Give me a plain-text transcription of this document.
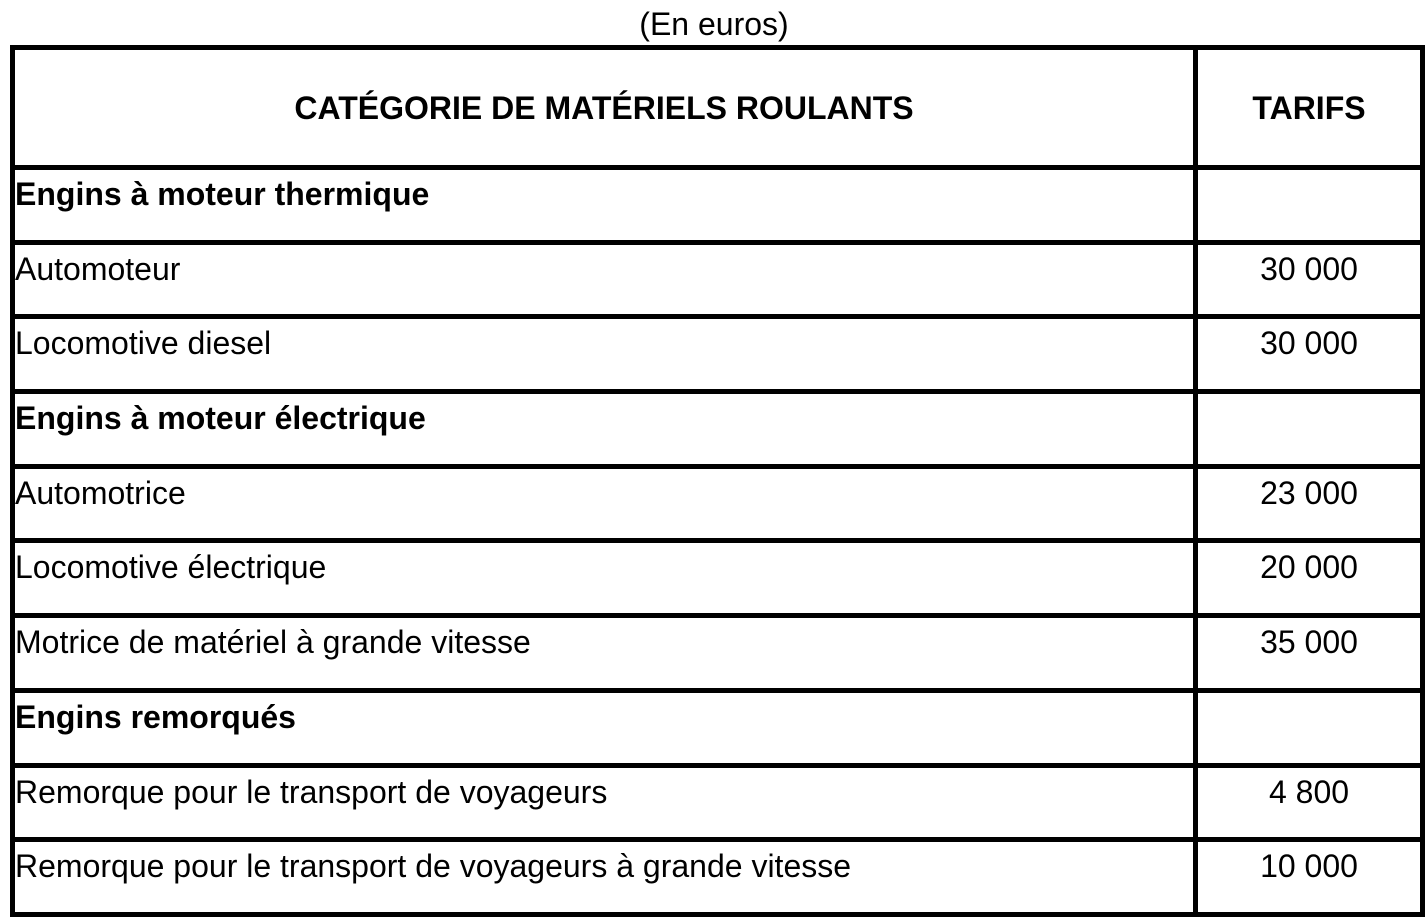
(En euros)
CATÉGORIE DE MATÉRIELS ROULANTS	TARIFS
Engins à moteur thermique	
Automoteur	30 000
Locomotive diesel	30 000
Engins à moteur électrique	
Automotrice	23 000
Locomotive électrique	20 000
Motrice de matériel à grande vitesse	35 000
Engins remorqués	
Remorque pour le transport de voyageurs	4 800
Remorque pour le transport de voyageurs à grande vitesse	10 000
